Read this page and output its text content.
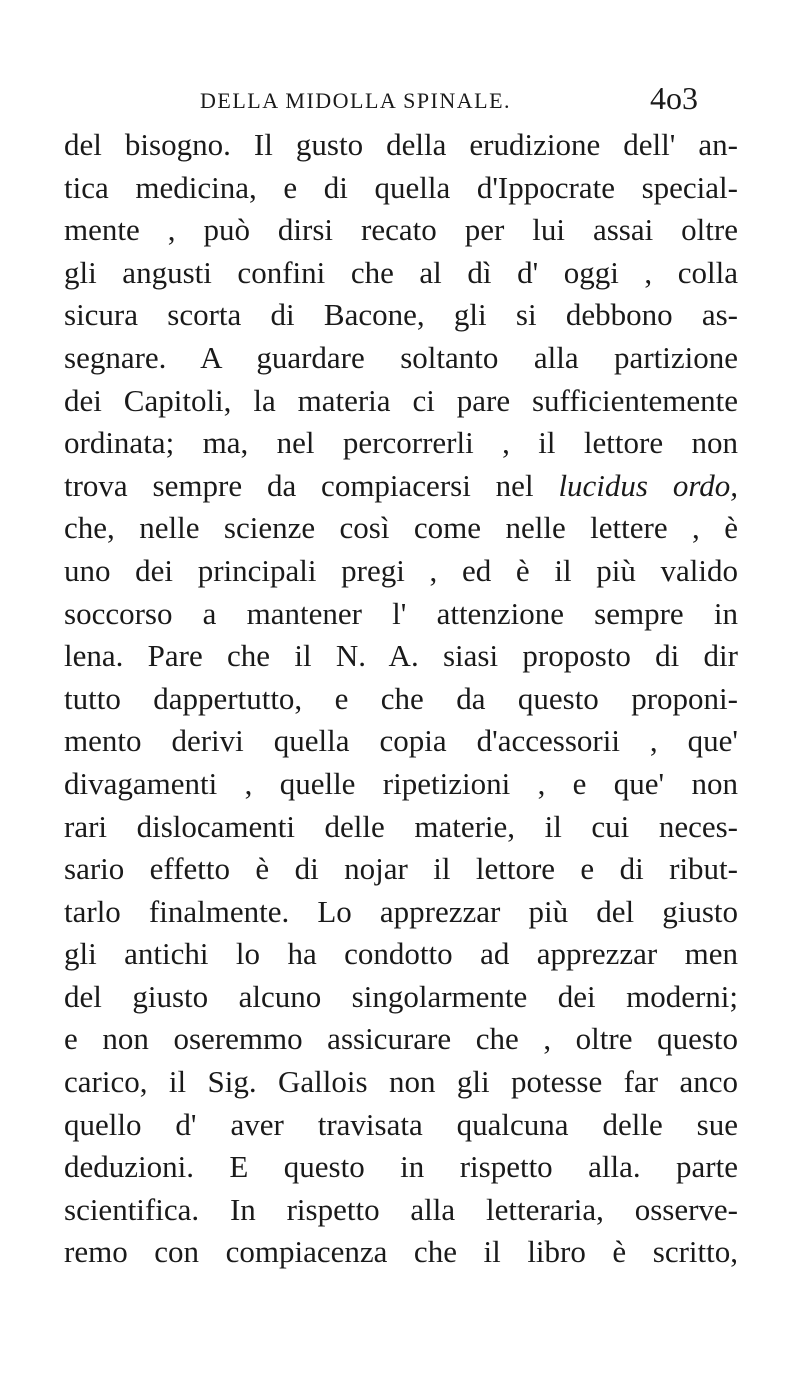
DELLA MIDOLLA SPINALE.	4o3
del bisogno. Il gusto della erudizione dell' an-
tica medicina, e di quella d'Ippocrate special-
mente , può dirsi recato per lui assai oltre
gli angusti confini che al dì d' oggi , colla
sicura scorta di Bacone, gli si debbono as-
segnare. A guardare soltanto alla partizione
dei Capitoli, la materia ci pare sufficientemente
ordinata; ma, nel percorrerli , il lettore non
trova sempre da compiacersi nel lucidus ordo,
che, nelle scienze così come nelle lettere , è
uno dei principali pregi , ed è il più valido
soccorso a mantener l' attenzione sempre in
lena. Pare che il N. A. siasi proposto di dir
tutto dappertutto, e che da questo proponi-
mento derivi quella copia d'accessorii , que'
divagamenti , quelle ripetizioni , e que' non
rari dislocamenti delle materie, il cui neces-
sario effetto è di nojar il lettore e di ribut-
tarlo finalmente. Lo apprezzar più del giusto
gli antichi lo ha condotto ad apprezzar men
del giusto alcuno singolarmente dei moderni;
e non oseremmo assicurare che , oltre questo
carico, il Sig. Gallois non gli potesse far anco
quello d' aver travisata qualcuna delle sue
deduzioni. E questo in rispetto alla. parte
scientifica. In rispetto alla letteraria, osserve-
remo con compiacenza che il libro è scritto,
